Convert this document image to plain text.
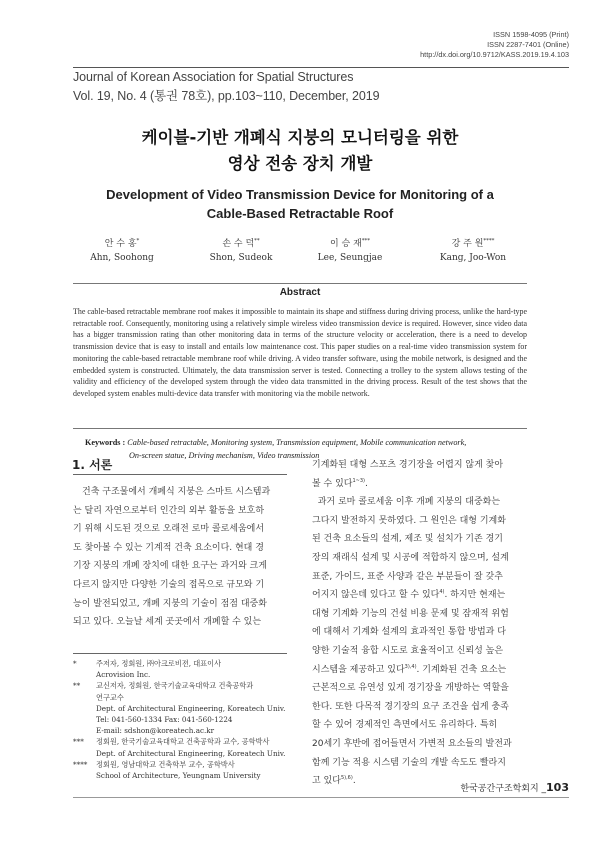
ISSN 1598-4095 (Print)
ISSN 2287-7401 (Online)
http://dx.doi.org/10.9712/KASS.2019.19.4.103
Journal of Korean Association for Spatial Structures
Vol. 19, No. 4 (통권 78호), pp.103~110, December, 2019
케이블-기반 개폐식 지붕의 모니터링을 위한
영상 전송 장치 개발
Development of Video Transmission Device for Monitoring of a
Cable-Based Retractable Roof
안 수 홍*
Ahn, Soohong
손 수 덕**
Shon, Sudeok
이 승 재***
Lee, Seungjae
강 주 원****
Kang, Joo-Won
Abstract
The cable-based retractable membrane roof makes it impossible to maintain its shape and stiffness during driving process, unlike the hard-type retractable roof. Consequently, monitoring using a relatively simple wireless video transmission device is required. However, since video data has a bigger transmission rating than other monitoring data in terms of the structure velocity or acceleration, there is a need to develop transmission device that is easy to install and entails low maintenance cost. This paper studies on a real-time video transmission system for monitoring the cable-based retractable membrane roof while driving. A video transfer software, using the mobile network, is designed and the embedded system is constructed. Ultimately, the data transmission server is tested. Connecting a trolley to the system allows testing of the validity and efficiency of the developed system through the video data transmitted in the driving process. Result of the test shows that the developed system enables multi-device data transfer with monitoring via the mobile network.
Keywords : Cable-based retractable, Monitoring system, Transmission equipment, Mobile communication network,
On-screen statue, Driving mechanism, Video transmission
1. 서론

건축 구조물에서 개폐식 지붕은 스마트 시스템과

는 달리 자연으로부터 인간의 외부 활동을 보호하

기 위해 시도된 것으로 오래전 로마 콜로세움에서

도 찾아볼 수 있는 기계적 건축 요소이다. 현대 경

기장 지붕의 개폐 장치에 대한 요구는 과거와 크게

다르지 않지만 다양한 기술의 접목으로 규모와 기

능이 발전되었고, 개폐 지붕의 기술이 점점 대중화

되고 있다. 오늘날 세계 곳곳에서 개폐할 수 있는

*	주저자, 정회원, ㈜아크로비젼, 대표이사
Acrovision Inc.
**	교신저자, 정회원, 한국기술교육대학교 건축공학과
연구교수
Dept. of Architectural Engineering, Koreatech Univ.
Tel: 041-560-1334 Fax: 041-560-1224
E-mail: sdshon@koreatech.ac.kr
***	정회원, 한국기술교육대학교 건축공학과 교수, 공학박사
Dept. of Architectural Engineering, Koreatech Univ.
****	정회원, 영남대학교 건축학부 교수, 공학박사
School of Architecture, Yeungnam University

기계화된 대형 스포츠 경기장을 어렵지 않게 찾아

볼 수 있다$^{1\sim 3)}$.

과거 로마 콜로세움 이후 개폐 지붕의 대중화는

그다지 발전하지 못하였다. 그 원인은 대형 기계화

된 건축 요소들의 설계, 제조 및 설치가 기존 경기

장의 재래식 설계 및 시공에 적합하지 않으며, 설계

표준, 가이드, 표준 사양과 같은 부분들이 잘 갖추

어지지 않은데 있다고 할 수 있다$^{4)}$. 하지만 현재는

대형 기계화 기능의 건설 비용 문제 및 잠재적 위험

에 대해서 기계화 설계의 효과적인 통합 방법과 다

양한 기술적 융합 시도로 효율적이고 신뢰성 높은

시스템을 제공하고 있다$^{3),4)}$. 기계화된 건축 요소는

근본적으로 유연성 있게 경기장을 개방하는 역할을

한다. 또한 다목적 경기장의 요구 조건을 쉽게 충족

할 수 있어 경제적인 측면에서도 유리하다. 특히

20세기 후반에 접어들면서 가변적 요소들의 발전과

함께 기능 적용 시스템 기술의 개발 속도도 빨라지

고 있다$^{5),6)}$.

한국공간구조학회지 _103
